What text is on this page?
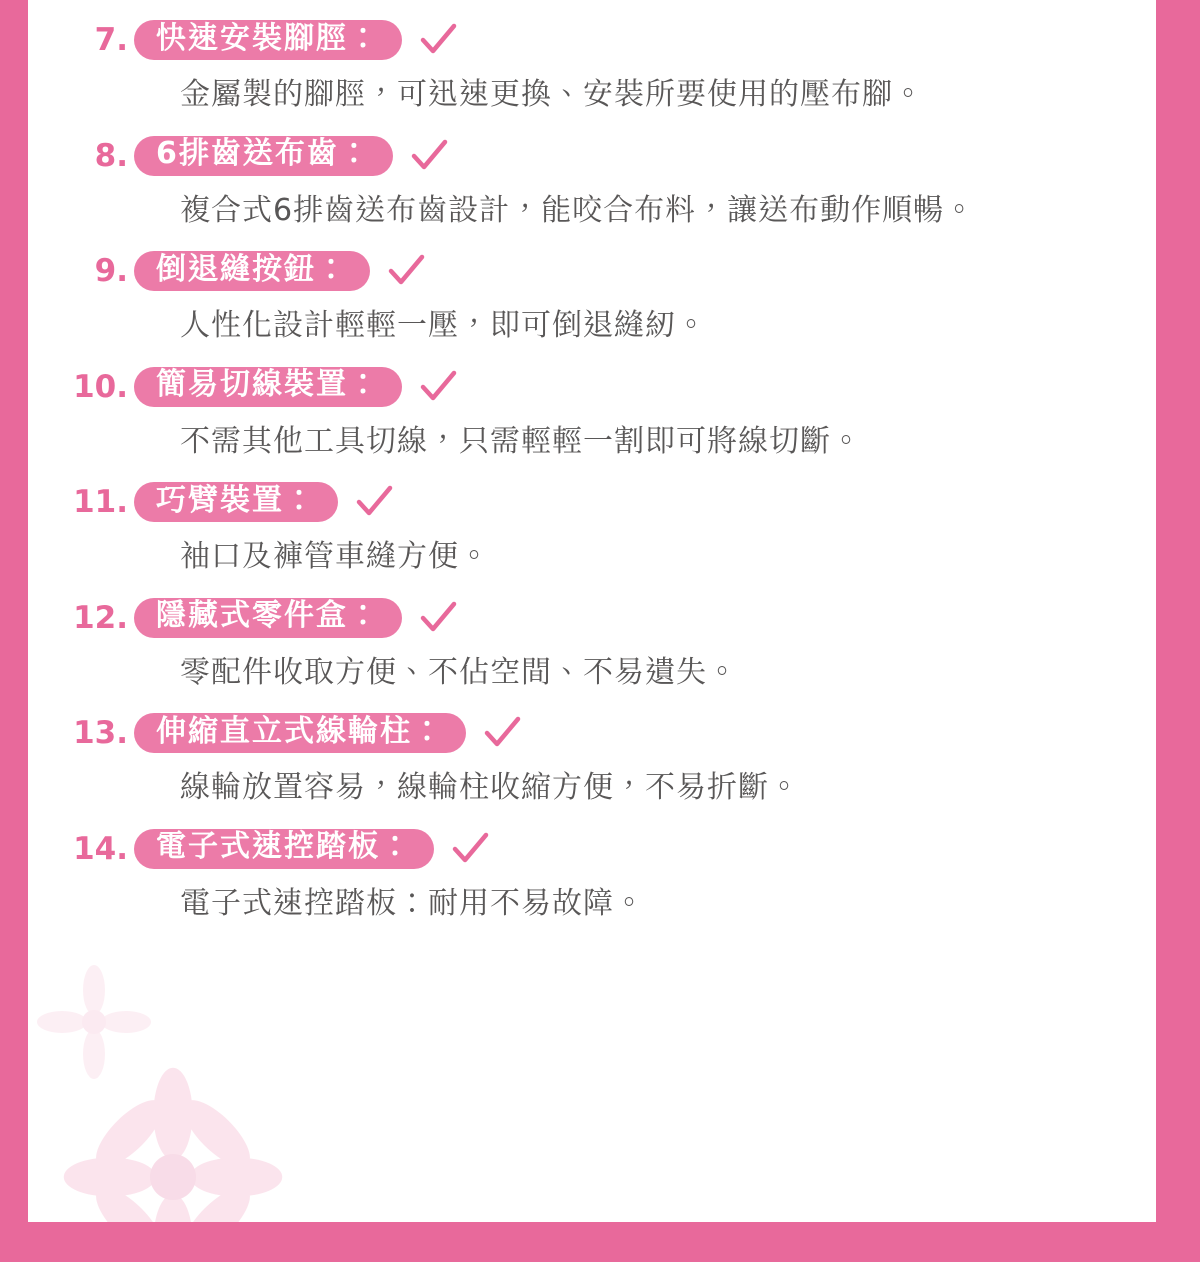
7. 快速安裝腳脛：
金屬製的腳脛，可迅速更換、安裝所要使用的壓布腳。
8. 6排齒送布齒：
複合式6排齒送布齒設計，能咬合布料，讓送布動作順暢。
9. 倒退縫按鈕：
人性化設計輕輕一壓，即可倒退縫紉。
10. 簡易切線裝置：
不需其他工具切線，只需輕輕一割即可將線切斷。
11. 巧臂裝置：
袖口及褲管車縫方便。
12. 隱藏式零件盒：
零配件收取方便、不佔空間、不易遺失。
13. 伸縮直立式線輪柱：
線輪放置容易，線輪柱收縮方便，不易折斷。
14. 電子式速控踏板：
電子式速控踏板：耐用不易故障。
